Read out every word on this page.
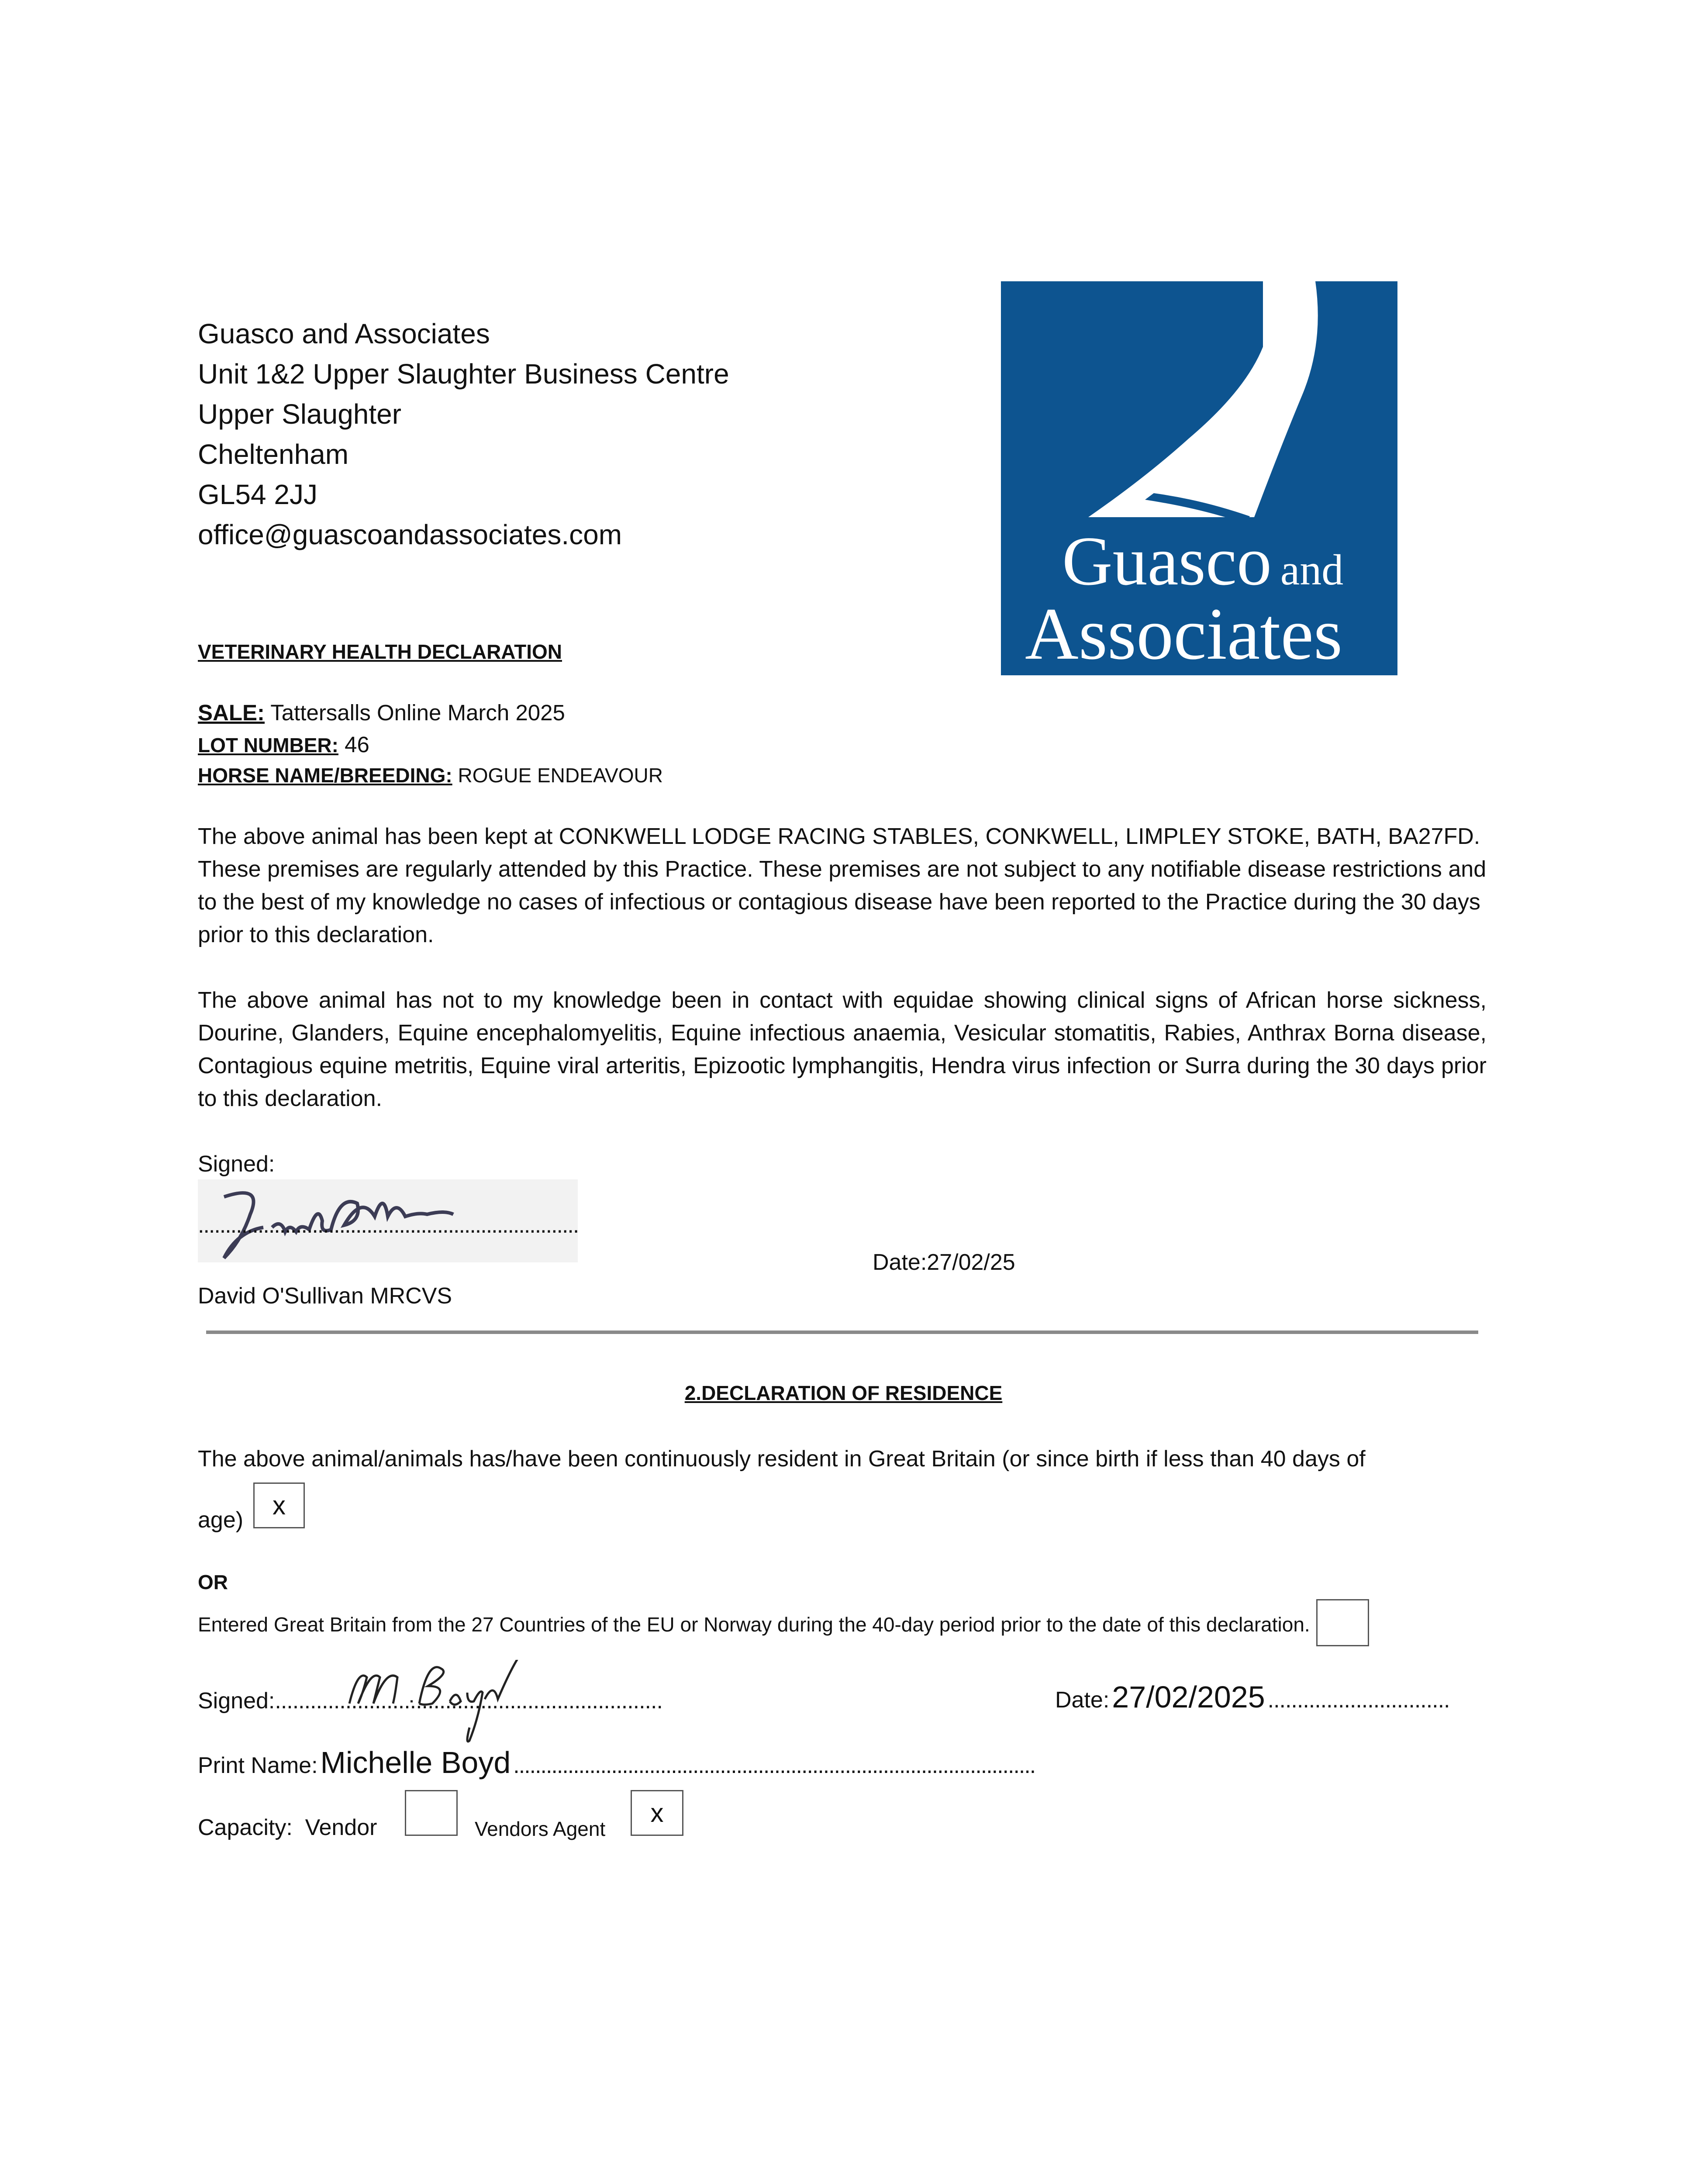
Guasco and Associates
Unit 1&2 Upper Slaughter Business Centre
Upper Slaughter
Cheltenham
GL54 2JJ
office@guascoandassociates.com	Guasco and
Associates
VETERINARY HEALTH DECLARATION
SALE: Tattersalls Online March 2025
LOT NUMBER: 46
HORSE NAME/BREEDING: ROGUE ENDEAVOUR
The above animal has been kept at CONKWELL LODGE RACING STABLES, CONKWELL, LIMPLEY STOKE, BATH, BA27FD. These premises are regularly attended by this Practice. These premises are not subject to any notifiable disease restrictions and to the best of my knowledge no cases of infectious or contagious disease have been reported to the Practice during the 30 days prior to this declaration.
The above animal has not to my knowledge been in contact with equidae showing clinical signs of African horse sickness, Dourine, Glanders, Equine encephalomyelitis, Equine infectious anaemia, Vesicular stomatitis, Rabies, Anthrax Borna disease, Contagious equine metritis, Equine viral arteritis, Epizootic lymphangitis, Hendra virus infection or Surra during the 30 days prior to this declaration.
Signed:
......................................................................
Date:27/02/25
David O'Sullivan MRCVS
2.DECLARATION OF RESIDENCE
The above animal/animals has/have been continuously resident in Great Britain (or since birth if less than 40 days of
age)	x
OR
Entered Great Britain from the 27 Countries of the EU or Norway during the 40-day period prior to the date of this declaration.
Signed:..................................................................	Date:27/02/2025 ...............................
Print Name:Michelle Boyd ................................................................................................
Capacity:  Vendor	Vendors Agent
x
